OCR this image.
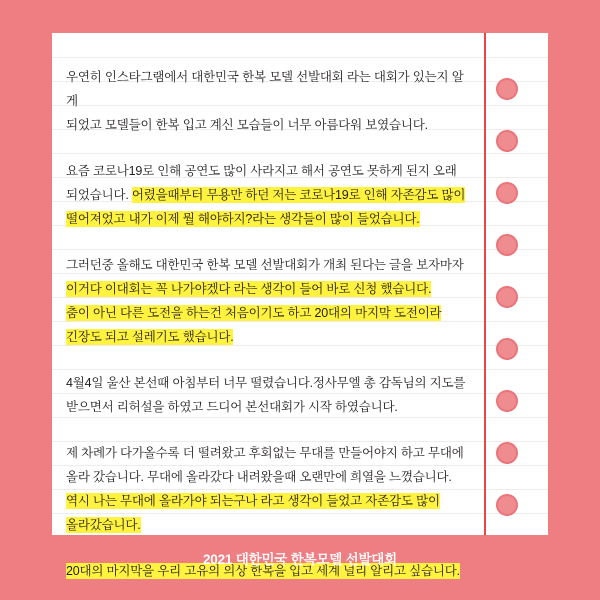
우연히 인스타그램에서 대한민국 한복 모델 선발대회 라는 대회가 있는지 알게
되었고 모델들이 한복 입고 계신 모습들이 너무 아름다워 보였습니다.

요즘 코로나19로 인해 공연도 많이 사라지고 해서 공연도 못하게 된지 오래
되었습니다. 어렸을때부터 무용만 하던 저는 코로나19로 인해 자존감도 많이
떨어져었고 내가 이제 뭘 해야하지?라는 생각들이 많이 들었습니다.

그러던중 올해도 대한민국 한복 모델 선발대회가 개최 된다는 글을 보자마자
이거다 이대회는 꼭 나가야겠다 라는 생각이 들어 바로 신청 했습니다.
춤이 아닌 다른 도전을 하는건 처음이기도 하고 20대의 마지막 도전이라
긴장도 되고 설레기도 했습니다.

4월4일 울산 본선때 아침부터 너무 떨렸습니다.정사무엘 총 감독님의 지도를
받으면서 리허설을 하였고 드디어 본선대회가 시작 하였습니다.

제 차례가 다가올수록 더 떨려왔고 후회없는 무대를 만들어야지 하고 무대에
올라 갔습니다. 무대에 올라갔다 내려왔을때 오랜만에 희열을 느꼈습니다.
역시 나는 무대에 올라가야 되는구나 라고 생각이 들었고 자존감도 많이
올라갔습니다.

20대의 마지막을 우리 고유의 의상 한복을 입고 세계 널리 알리고 싶습니다.

2021 대한민국 한복모델 선발대회
